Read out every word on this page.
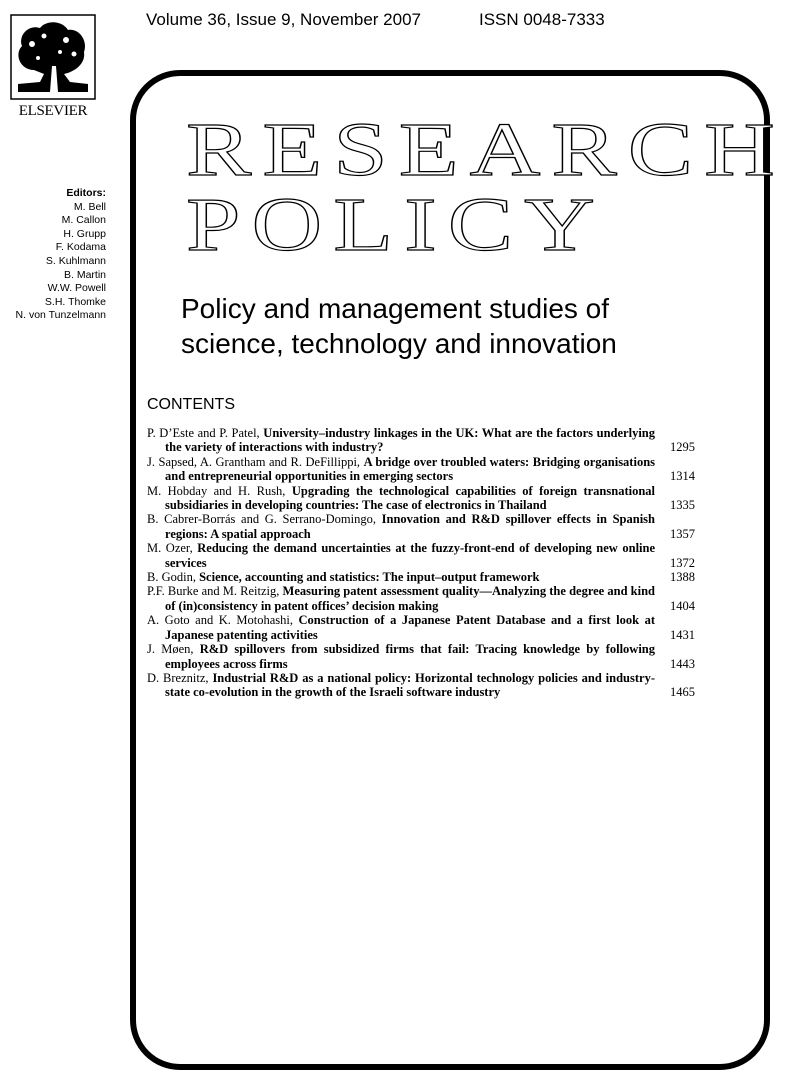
Volume 36, Issue 9, November 2007	ISSN 0048-7333
ELSEVIER
Editors:
M. Bell
M. Callon
H. Grupp
F. Kodama
S. Kuhlmann
B. Martin
W.W. Powell
S.H. Thomke
N. von Tunzelmann
RESEARCH
POLICY
Policy and management studies of
science, technology and innovation
CONTENTS
P. D’Este and P. Patel, University–industry linkages in the UK: What are the factors underlying the variety of interactions with industry?	1295
J. Sapsed, A. Grantham and R. DeFillippi, A bridge over troubled waters: Bridging organisations and entrepreneurial opportunities in emerging sectors	1314
M. Hobday and H. Rush, Upgrading the technological capabilities of foreign transnational subsidiaries in developing countries: The case of electronics in Thailand	1335
B. Cabrer-Borrás and G. Serrano-Domingo, Innovation and R&D spillover effects in Spanish regions: A spatial approach	1357
M. Ozer, Reducing the demand uncertainties at the fuzzy-front-end of developing new online services	1372
B. Godin, Science, accounting and statistics: The input–output framework	1388
P.F. Burke and M. Reitzig, Measuring patent assessment quality—Analyzing the degree and kind of (in)consistency in patent offices’ decision making	1404
A. Goto and K. Motohashi, Construction of a Japanese Patent Database and a first look at Japanese patenting activities	1431
J. Møen, R&D spillovers from subsidized firms that fail: Tracing knowledge by following employees across firms	1443
D. Breznitz, Industrial R&D as a national policy: Horizontal technology policies and industry-state co-evolution in the growth of the Israeli software industry	1465
